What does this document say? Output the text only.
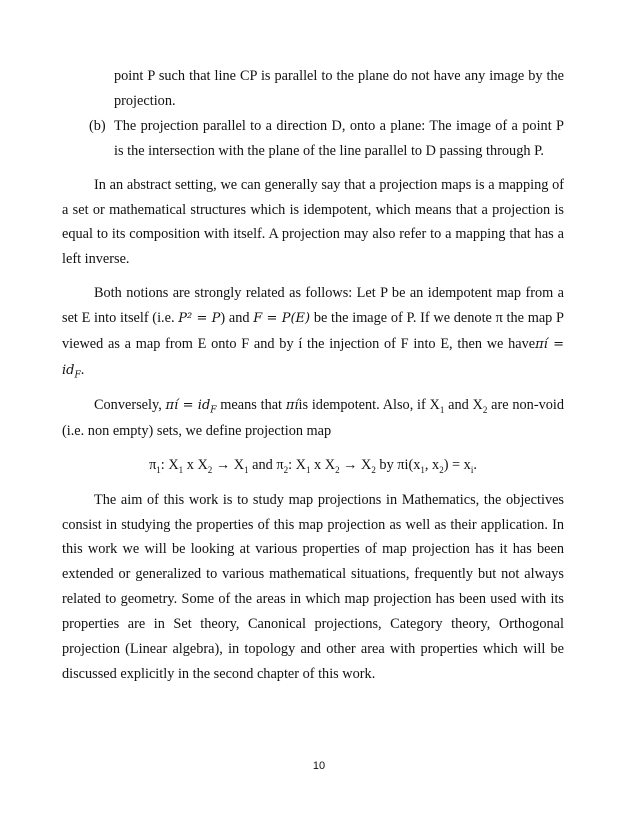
point P such that line CP is parallel to the plane do not have any image by the projection.

(b) The projection parallel to a direction D, onto a plane: The image of a point P is the intersection with the plane of the line parallel to D passing through P.

In an abstract setting, we can generally say that a projection maps is a mapping of a set or mathematical structures which is idempotent, which means that a projection is equal to its composition with itself. A projection may also refer to a mapping that has a left inverse.

Both notions are strongly related as follows: Let P be an idempotent map from a set E into itself (i.e. P² = P) and F = P(E) be the image of P. If we denote π the map P viewed as a map from E onto F and by í the injection of F into E, then we haveπí = $id_F$.

Conversely, πí = $id_F$ means that πíis idempotent. Also, if $X_1$ and $X_2$ are non-void (i.e. non empty) sets, we define projection map

$\pi_1$: $X_1$ x $X_2 \to X_1$ and $\pi_2$: $X_1$ x $X_2 \to X_2$ by $\pi i(x_1$, $x_2) = x_i$.

The aim of this work is to study map projections in Mathematics, the objectives consist in studying the properties of this map projection as well as their application. In this work we will be looking at various properties of map projection has it has been extended or generalized to various mathematical situations, frequently but not always related to geometry. Some of the areas in which map projection has been used with its properties are in Set theory, Canonical projections, Category theory, Orthogonal projection (Linear algebra), in topology and other area with properties which will be discussed explicitly in the second chapter of this work.

10
